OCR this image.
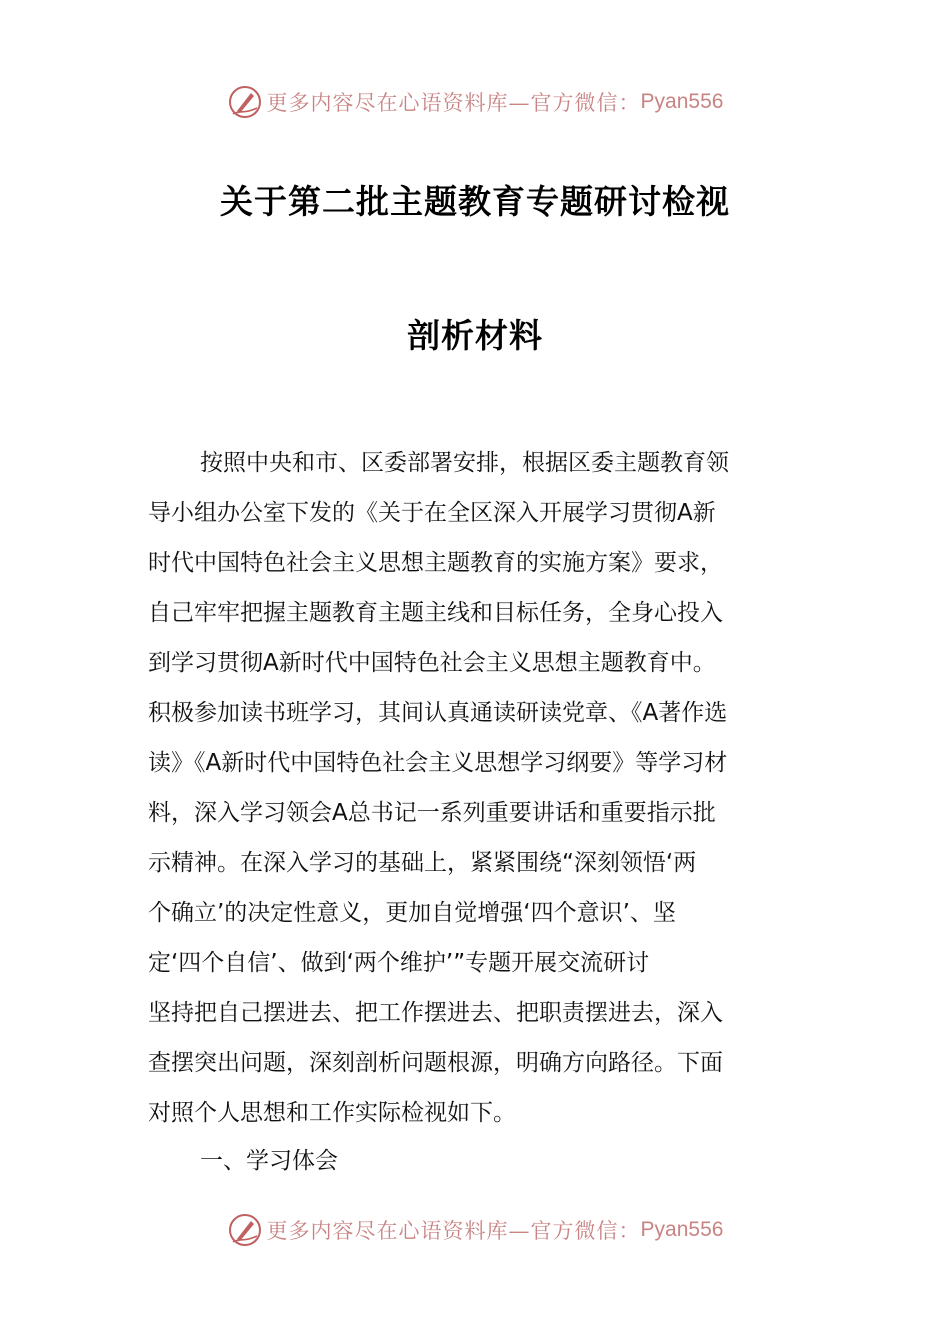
更多内容尽在心语资料库—官方微信： Pyan556
关于第二批主题教育专题研讨检视
剖析材料
按照中央和市、区委部署安排，根据区委主题教育领
导小组办公室下发的《关于在全区深入开展学习贯彻A新
时代中国特色社会主义思想主题教育的实施方案》要求，
自己牢牢把握主题教育主题主线和目标任务，全身心投入
到学习贯彻A新时代中国特色社会主义思想主题教育中。
积极参加读书班学习，其间认真通读研读党章、《A著作选
读》《A新时代中国特色社会主义思想学习纲要》等学习材
料，深入学习领会A总书记一系列重要讲话和重要指示批
示精神。在深入学习的基础上，紧紧围绕“深刻领悟‘两
个确立’的决定性意义，更加自觉增强‘四个意识’、坚
定‘四个自信’、做到‘两个维护’”专题开展交流研讨
坚持把自己摆进去、把工作摆进去、把职责摆进去，深入
查摆突出问题，深刻剖析问题根源，明确方向路径。下面
对照个人思想和工作实际检视如下。
一、学习体会
更多内容尽在心语资料库—官方微信： Pyan556
